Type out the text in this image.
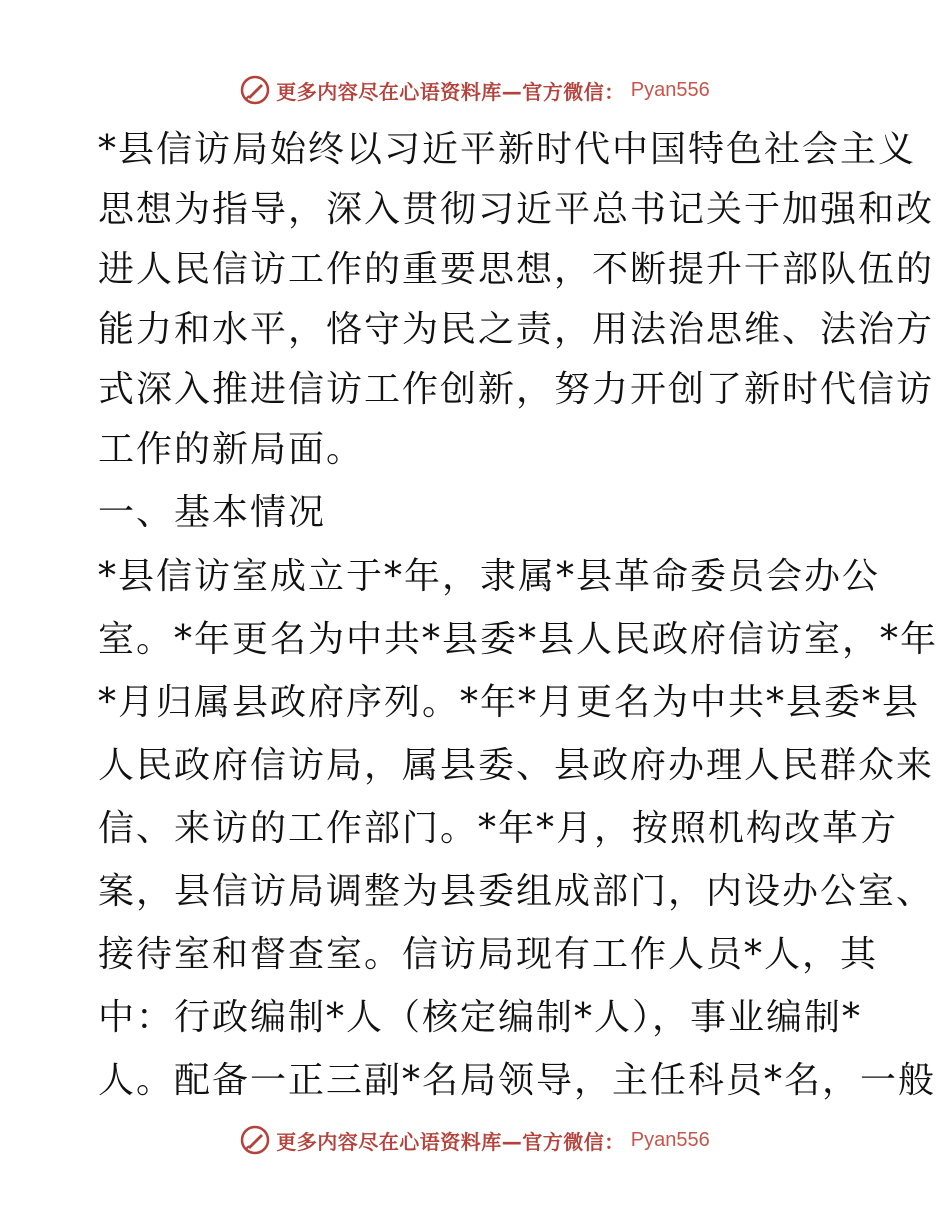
更多内容尽在心语资料库—官方微信： Pyan556
*县信访局始终以习近平新时代中国特色社会主义
思想为指导，深入贯彻习近平总书记关于加强和改
进人民信访工作的重要思想，不断提升干部队伍的
能力和水平，恪守为民之责，用法治思维、法治方
式深入推进信访工作创新，努力开创了新时代信访
工作的新局面。
一、基本情况
*县信访室成立于*年，隶属*县革命委员会办公
室。*年更名为中共*县委*县人民政府信访室，*年
*月归属县政府序列。*年*月更名为中共*县委*县
人民政府信访局，属县委、县政府办理人民群众来
信、来访的工作部门。*年*月，按照机构改革方
案，县信访局调整为县委组成部门，内设办公室、
接待室和督查室。信访局现有工作人员*人，其
中：行政编制*人（核定编制*人），事业编制*
人。配备一正三副*名局领导，主任科员*名，一般
更多内容尽在心语资料库—官方微信： Pyan556
